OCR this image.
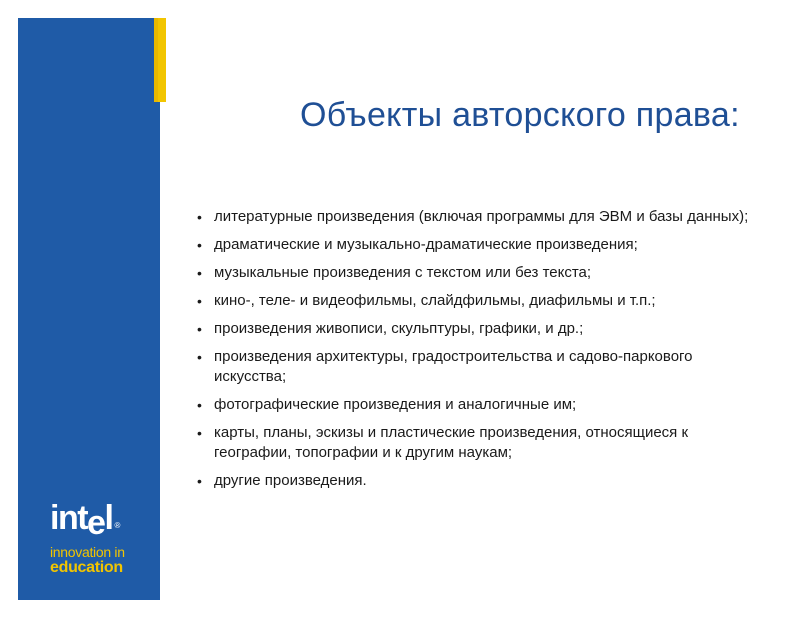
Объекты авторского права:
• литературные произведения (включая программы для ЭВМ и базы данных);
• драматические и музыкально-драматические произведения;
• музыкальные произведения с текстом или без текста;
• кино-, теле- и видеофильмы, слайдфильмы, диафильмы и т.п.;
• произведения живописи, скульптуры, графики, и др.;
• произведения архитектуры, градостроительства и садово-паркового искусства;
• фотографические произведения и аналогичные им;
• карты, планы, эскизы и пластические произведения, относящиеся к географии, топографии и к другим наукам;
• другие произведения.
intel ®
innovation in
education
